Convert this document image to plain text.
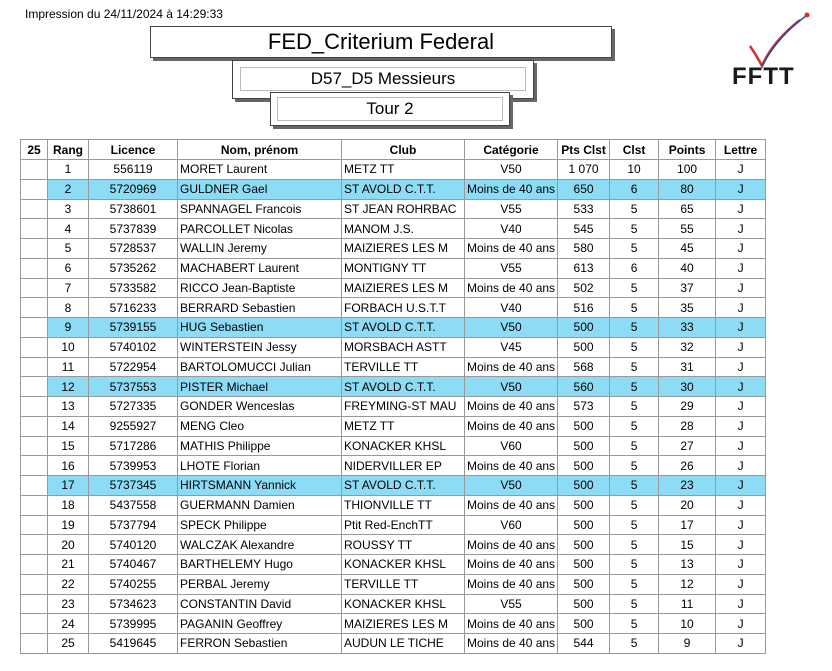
Impression du 24/11/2024 à 14:29:33
FED_Criterium Federal
D57_D5 Messieurs
Tour 2
FFTT
25	Rang	Licence	Nom, prénom	Club	Catégorie	Pts Clst	Clst	Points	Lettre
	1	556119	MORET Laurent	METZ TT	V50	1 070	10	100	J
	2	5720969	GULDNER Gael	ST AVOLD C.T.T.	Moins de 40 ans	650	6	80	J
	3	5738601	SPANNAGEL Francois	ST JEAN ROHRBAC	V55	533	5	65	J
	4	5737839	PARCOLLET Nicolas	MANOM J.S.	V40	545	5	55	J
	5	5728537	WALLIN Jeremy	MAIZIERES LES M	Moins de 40 ans	580	5	45	J
	6	5735262	MACHABERT Laurent	MONTIGNY TT	V55	613	6	40	J
	7	5733582	RICCO Jean-Baptiste	MAIZIERES LES M	Moins de 40 ans	502	5	37	J
	8	5716233	BERRARD Sebastien	FORBACH U.S.T.T	V40	516	5	35	J
	9	5739155	HUG Sebastien	ST AVOLD C.T.T.	V50	500	5	33	J
	10	5740102	WINTERSTEIN Jessy	MORSBACH ASTT	V45	500	5	32	J
	11	5722954	BARTOLOMUCCI Julian	TERVILLE TT	Moins de 40 ans	568	5	31	J
	12	5737553	PISTER Michael	ST AVOLD C.T.T.	V50	560	5	30	J
	13	5727335	GONDER Wenceslas	FREYMING-ST MAU	Moins de 40 ans	573	5	29	J
	14	9255927	MENG Cleo	METZ TT	Moins de 40 ans	500	5	28	J
	15	5717286	MATHIS Philippe	KONACKER KHSL	V60	500	5	27	J
	16	5739953	LHOTE Florian	NIDERVILLER EP	Moins de 40 ans	500	5	26	J
	17	5737345	HIRTSMANN Yannick	ST AVOLD C.T.T.	V50	500	5	23	J
	18	5437558	GUERMANN Damien	THIONVILLE TT	Moins de 40 ans	500	5	20	J
	19	5737794	SPECK Philippe	Ptit Red-EnchTT	V60	500	5	17	J
	20	5740120	WALCZAK Alexandre	ROUSSY TT	Moins de 40 ans	500	5	15	J
	21	5740467	BARTHELEMY Hugo	KONACKER KHSL	Moins de 40 ans	500	5	13	J
	22	5740255	PERBAL Jeremy	TERVILLE TT	Moins de 40 ans	500	5	12	J
	23	5734623	CONSTANTIN David	KONACKER KHSL	V55	500	5	11	J
	24	5739995	PAGANIN Geoffrey	MAIZIERES LES M	Moins de 40 ans	500	5	10	J
	25	5419645	FERRON Sebastien	AUDUN LE TICHE	Moins de 40 ans	544	5	9	J
